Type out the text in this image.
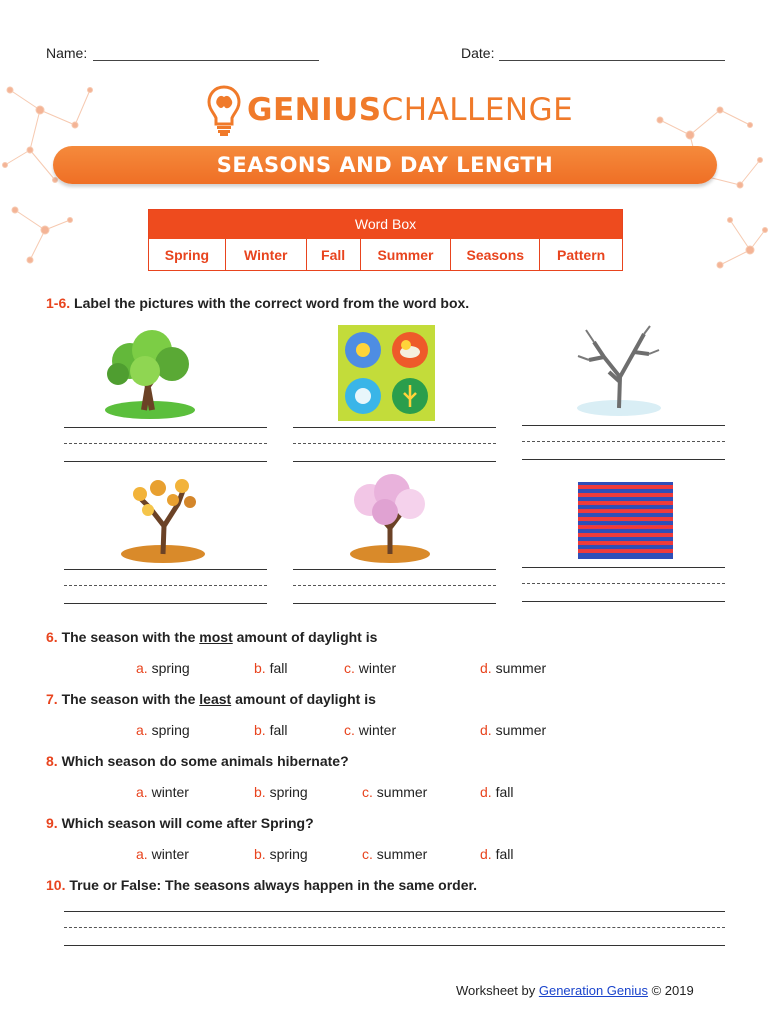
Name:	Date:
GENIUSCHALLENGE
SEASONS AND DAY LENGTH
Word Box
Spring	Winter	Fall	Summer	Seasons	Pattern
1-6. Label the pictures with the correct word from the word box.
6. The season with the most amount of daylight is
a. spring	b. fall	c. winter	d. summer
7. The season with the least amount of daylight is
a. spring	b. fall	c. winter	d. summer
8. Which season do some animals hibernate?
a. winter	b. spring	c. summer	d. fall
9. Which season will come after Spring?
a. winter	b. spring	c. summer	d. fall
10. True or False: The seasons always happen in the same order.
Worksheet by Generation Genius © 2019
